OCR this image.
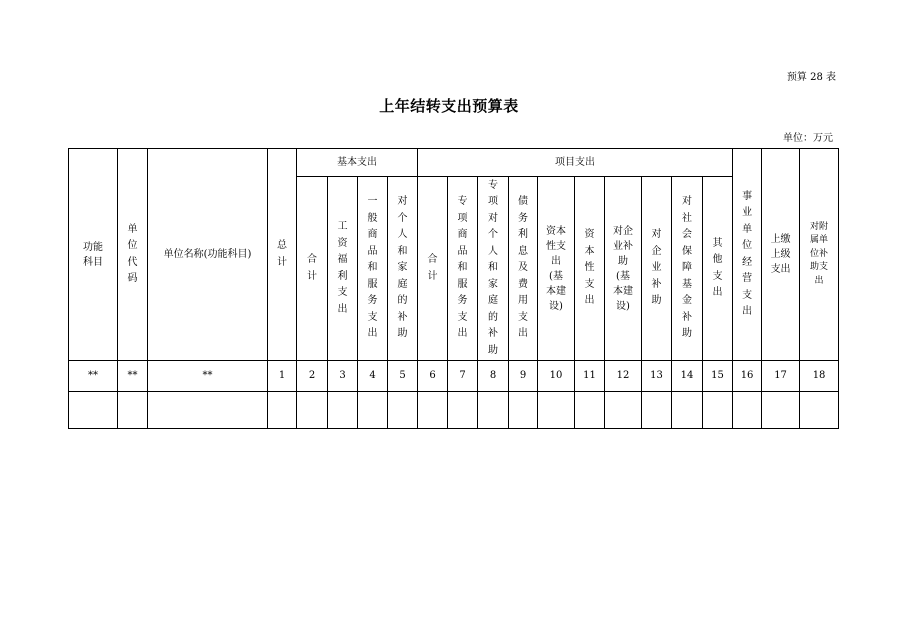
预算 28 表
上年结转支出预算表
单位：万元
功能科目	单位代码	单位名称(功能科目)	总计	基本支出				项目支出										事业单位经营支出	上缴上级支出	对附属单位补助支出
				合计	工资福利支出	一般商品和服务支出	对个人和家庭的补助	合计	专项商品和服务支出	专项对个人和家庭的补助	债务利息及费用支出	资本性支出(基本建设)	资本性支出	对企业补助(基本建设)	对企业补助	对社会保障基金补助	其他支出			
**	**	**	1	2	3	4	5	6	7	8	9	10	11	12	13	14	15	16	17	18
